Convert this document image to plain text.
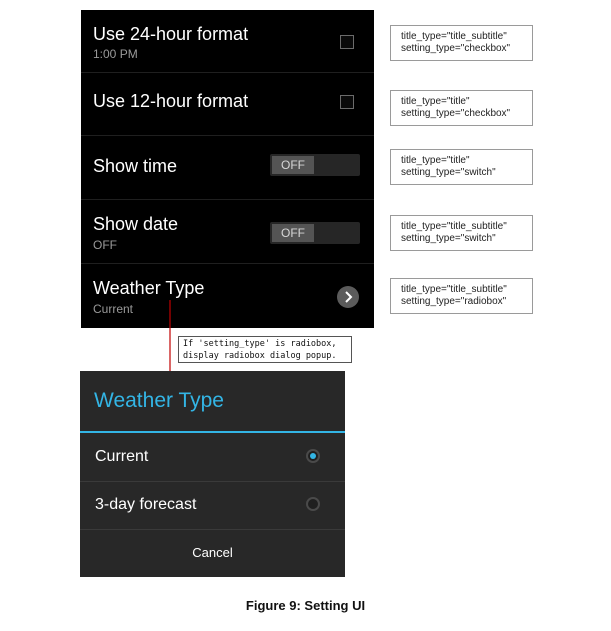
Use 24-hour format
1:00 PM
Use 12-hour format
Show time	OFF
Show date
OFF
OFF
Weather Type
Current
title_type="title_subtitle"
setting_type="checkbox"
title_type="title"
setting_type="checkbox"
title_type="title"
setting_type="switch"
title_type="title_subtitle"
setting_type="switch"
title_type="title_subtitle"
setting_type="radiobox"
If 'setting_type' is radiobox,
display radiobox dialog popup.
Weather Type
Current
3-day forecast
Cancel
Figure 9: Setting UI
